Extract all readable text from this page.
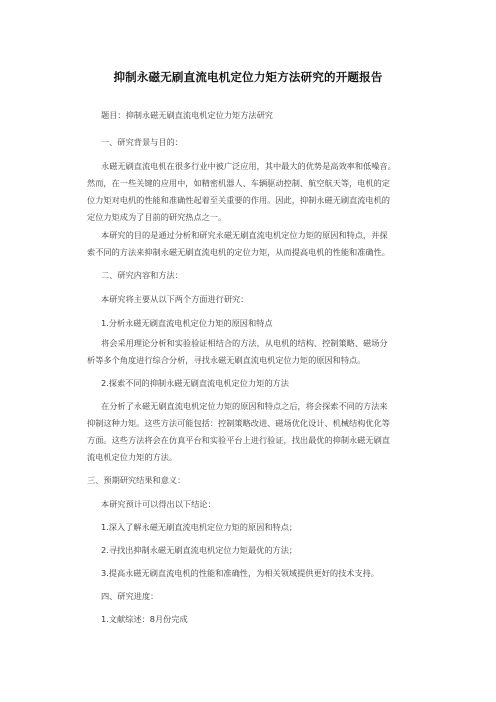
抑制永磁无刷直流电机定位力矩方法研究的开题报告
题目：抑制永磁无刷直流电机定位力矩方法研究
一、研究背景与目的：
永磁无刷直流电机在很多行业中被广泛应用，其中最大的优势是高效率和低噪音。
然而，在一些关键的应用中，如精密机器人、车辆驱动控制、航空航天等，电机的定
位力矩对电机的性能和准确性起着至关重要的作用。因此，抑制永磁无刷直流电机的
定位力矩成为了目前的研究热点之一。
本研究的目的是通过分析和研究永磁无刷直流电机定位力矩的原因和特点，并探
索不同的方法来抑制永磁无刷直流电机的定位力矩，从而提高电机的性能和准确性。
二、研究内容和方法：
本研究将主要从以下两个方面进行研究：
1.分析永磁无刷直流电机定位力矩的原因和特点
将会采用理论分析和实验验证相结合的方法，从电机的结构、控制策略、磁场分
析等多个角度进行综合分析，寻找永磁无刷直流电机定位力矩的原因和特点。
2.探索不同的抑制永磁无刷直流电机定位力矩的方法
在分析了永磁无刷直流电机定位力矩的原因和特点之后，将会探索不同的方法来
抑制这种力矩。这些方法可能包括：控制策略改进、磁场优化设计、机械结构优化等
方面。这些方法将会在仿真平台和实验平台上进行验证，找出最优的抑制永磁无刷直
流电机定位力矩的方法。
三、预期研究结果和意义：
本研究预计可以得出以下结论：
1.深入了解永磁无刷直流电机定位力矩的原因和特点；
2.寻找出抑制永磁无刷直流电机定位力矩最优的方法；
3.提高永磁无刷直流电机的性能和准确性，为相关领域提供更好的技术支持。
四、研究进度：
1.文献综述：8月份完成
